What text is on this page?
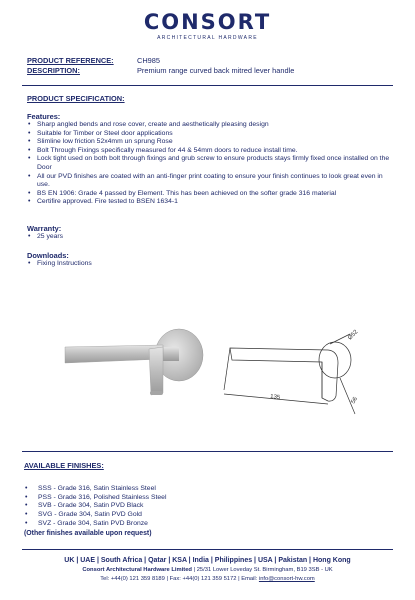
CONSORT
ARCHITECTURAL HARDWARE
PRODUCT REFERENCE:	CH985
DESCRIPTION:	Premium range curved back mitred lever handle
PRODUCT SPECIFICATION:
Features:
• Sharp angled bends and rose cover, create and aesthetically pleasing design
• Suitable for Timber or Steel door applications
• Slimline low friction 52x4mm un sprung Rose
• Bolt Through Fixings specifically measured for 44 & 54mm doors to reduce install time.
• Lock tight used on both bolt through fixings and grub screw to ensure products stays firmly fixed once installed on the Door
• All our PVD finishes are coated with an anti-finger print coating to ensure your finish continues to look great even in use.
• BS EN 1906: Grade 4 passed by Element. This has been achieved on the softer grade 316 material
• Certifire approved. Fire tested to BSEN 1634-1
Warranty:
• 25 years
Downloads:
• Fixing Instructions
135
Ø52
56
AVAILABLE FINISHES:
• SSS - Grade 316, Satin Stainless Steel
• PSS - Grade 316, Polished Stainless Steel
• SVB - Grade 304, Satin PVD Black
• SVG - Grade 304, Satin PVD Gold
• SVZ - Grade 304, Satin PVD Bronze
(Other finishes available upon request)
UK | UAE | South Africa | Qatar | KSA | India | Philippines | USA | Pakistan | Hong Kong
Consort Architectural Hardware Limited | 25/31 Lower Loveday St. Birmingham, B19 3SB - UK
Tel: +44(0) 121 359 8189 | Fax: +44(0) 121 359 5172 | Email: info@consort-hw.com
